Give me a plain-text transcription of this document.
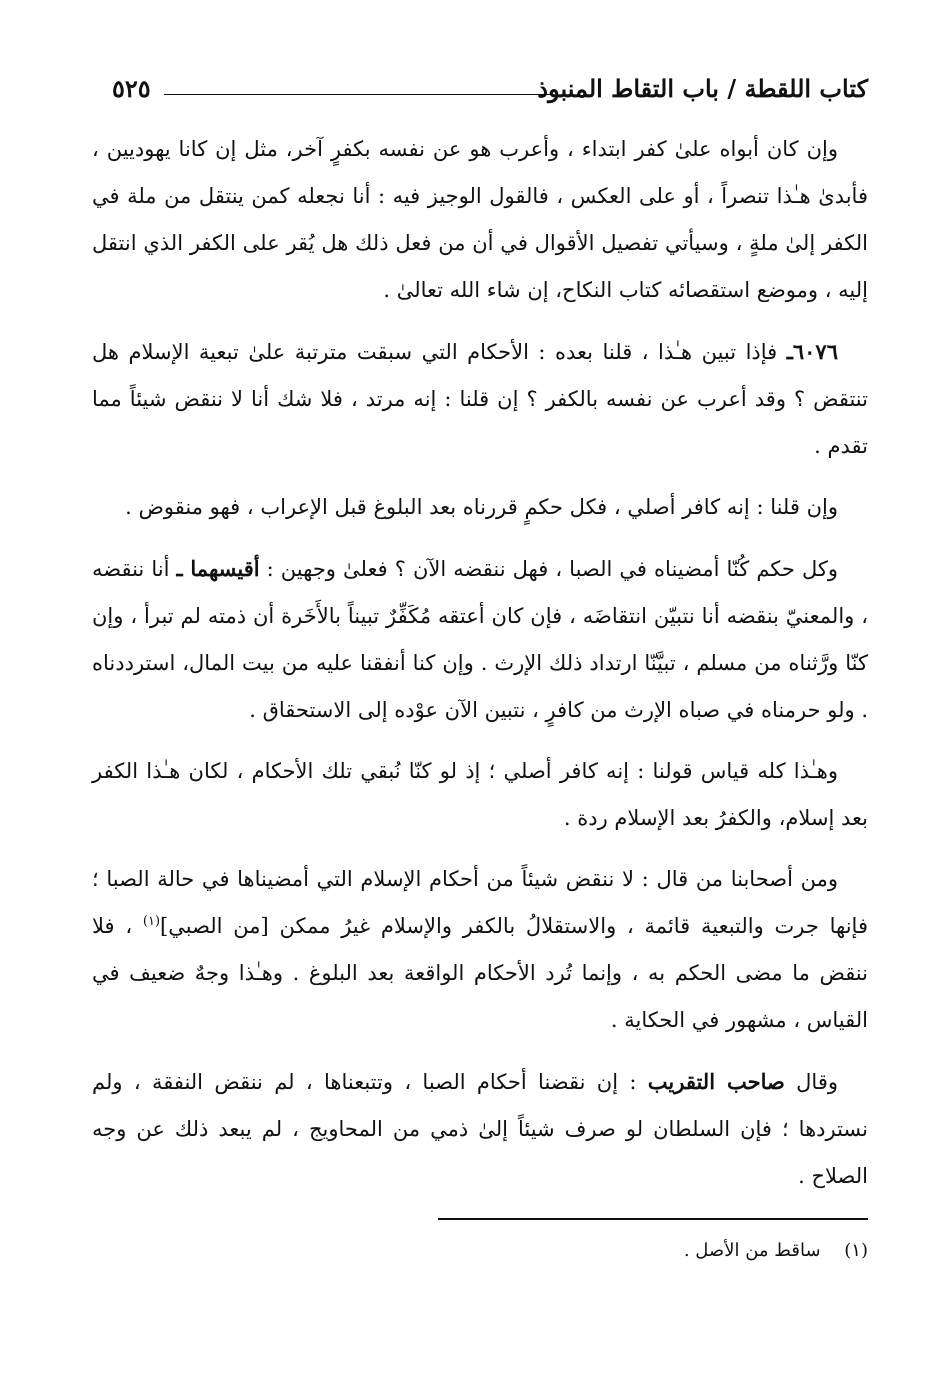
كتاب اللقطة / باب التقاط المنبوذ
٥٢٥

وإن كان أبواه علىٰ كفر ابتداء ، وأعرب هو عن نفسه بكفرٍ آخر، مثل إن كانا يهوديين ، فأبدىٰ هـٰذا تنصراً ، أو على العكس ، فالقول الوجيز فيه : أنا نجعله كمن ينتقل من ملة في الكفر إلىٰ ملةٍ ، وسيأتي تفصيل الأقوال في أن من فعل ذلك هل يُقر على الكفر الذي انتقل إليه ، وموضع استقصائه كتاب النكاح، إن شاء الله تعالىٰ .

٦٠٧٦ـ فإذا تبين هـٰذا ، قلنا بعده : الأحكام التي سبقت مترتبة علىٰ تبعية الإسلام هل تنتقض ؟ وقد أعرب عن نفسه بالكفر ؟ إن قلنا : إنه مرتد ، فلا شك أنا لا ننقض شيئاً مما تقدم .

وإن قلنا : إنه كافر أصلي ، فكل حكمٍ قررناه بعد البلوغ قبل الإعراب ، فهو منقوض .

وكل حكم كُنّا أمضيناه في الصبا ، فهل ننقضه الآن ؟ فعلىٰ وجهين : أقيسهما ـ أنا ننقضه ، والمعنيّ بنقضه أنا نتبيّن انتقاضَه ، فإن كان أعتقه مُكَفِّرٌ تبيناً بالأَخَرة أن ذمته لم تبرأ ، وإن كنّا ورَّثناه من مسلم ، تبيَّنّا ارتداد ذلك الإرث . وإن كنا أنفقنا عليه من بيت المال، استرددناه . ولو حرمناه في صباه الإرث من كافرٍ ، نتبين الآن عوْده إلى الاستحقاق .

وهـٰذا كله قياس قولنا : إنه كافر أصلي ؛ إذ لو كنّا نُبقي تلك الأحكام ، لكان هـٰذا الكفر بعد إسلام، والكفرُ بعد الإسلام ردة .

ومن أصحابنا من قال : لا ننقض شيئاً من أحكام الإسلام التي أمضيناها في حالة الصبا ؛ فإنها جرت والتبعية قائمة ، والاستقلالُ بالكفر والإسلام غيرُ ممكن [من الصبي]$^{(١)}$ ، فلا ننقض ما مضى الحكم به ، وإنما تُرد الأحكام الواقعة بعد البلوغ . وهـٰذا وجهٌ ضعيف في القياس ، مشهور في الحكاية .

وقال صاحب التقريب : إن نقضنا أحكام الصبا ، وتتبعناها ، لم ننقض النفقة ، ولم نستردها ؛ فإن السلطان لو صرف شيئاً إلىٰ ذمي من المحاويج ، لم يبعد ذلك عن وجه الصلاح .

(١) ساقط من الأصل .
